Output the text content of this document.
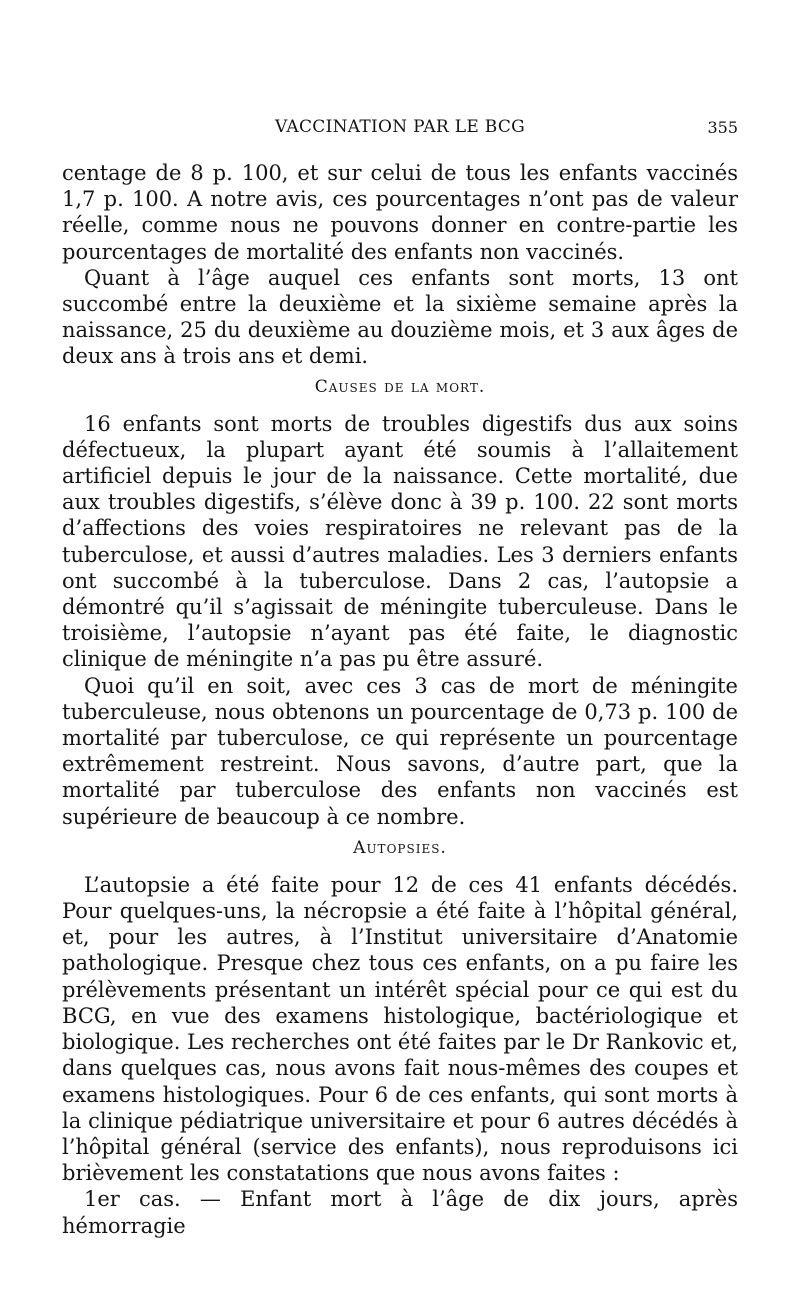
VACCINATION PAR LE BCG	355

centage de 8 p. 100, et sur celui de tous les enfants vaccinés 1,7 p. 100. A notre avis, ces pourcentages n’ont pas de valeur réelle, comme nous ne pouvons donner en contre-partie les pourcentages de mortalité des enfants non vaccinés.

Quant à l’âge auquel ces enfants sont morts, 13 ont succombé entre la deuxième et la sixième semaine après la naissance, 25 du deuxième au douzième mois, et 3 aux âges de deux ans à trois ans et demi.

Causes de la mort.

16 enfants sont morts de troubles digestifs dus aux soins défectueux, la plupart ayant été soumis à l’allaitement artificiel depuis le jour de la naissance. Cette mortalité, due aux troubles digestifs, s’élève donc à 39 p. 100. 22 sont morts d’affections des voies respiratoires ne relevant pas de la tuberculose, et aussi d’autres maladies. Les 3 derniers enfants ont succombé à la tuberculose. Dans 2 cas, l’autopsie a démontré qu’il s’agissait de méningite tuberculeuse. Dans le troisième, l’autopsie n’ayant pas été faite, le diagnostic clinique de méningite n’a pas pu être assuré.

Quoi qu’il en soit, avec ces 3 cas de mort de méningite tuberculeuse, nous obtenons un pourcentage de 0,73 p. 100 de mortalité par tuberculose, ce qui représente un pourcentage extrêmement restreint. Nous savons, d’autre part, que la mortalité par tuberculose des enfants non vaccinés est supérieure de beaucoup à ce nombre.

Autopsies.

L’autopsie a été faite pour 12 de ces 41 enfants décédés. Pour quelques-uns, la nécropsie a été faite à l’hôpital général, et, pour les autres, à l’Institut universitaire d’Anatomie pathologique. Presque chez tous ces enfants, on a pu faire les prélèvements présentant un intérêt spécial pour ce qui est du BCG, en vue des examens histologique, bactériologique et biologique. Les recherches ont été faites par le Dr Rankovic et, dans quelques cas, nous avons fait nous-mêmes des coupes et examens histologiques. Pour 6 de ces enfants, qui sont morts à la clinique pédiatrique universitaire et pour 6 autres décédés à l’hôpital général (service des enfants), nous reproduisons ici brièvement les constatations que nous avons faites :

1er cas. — Enfant mort à l’âge de dix jours, après hémorragie
